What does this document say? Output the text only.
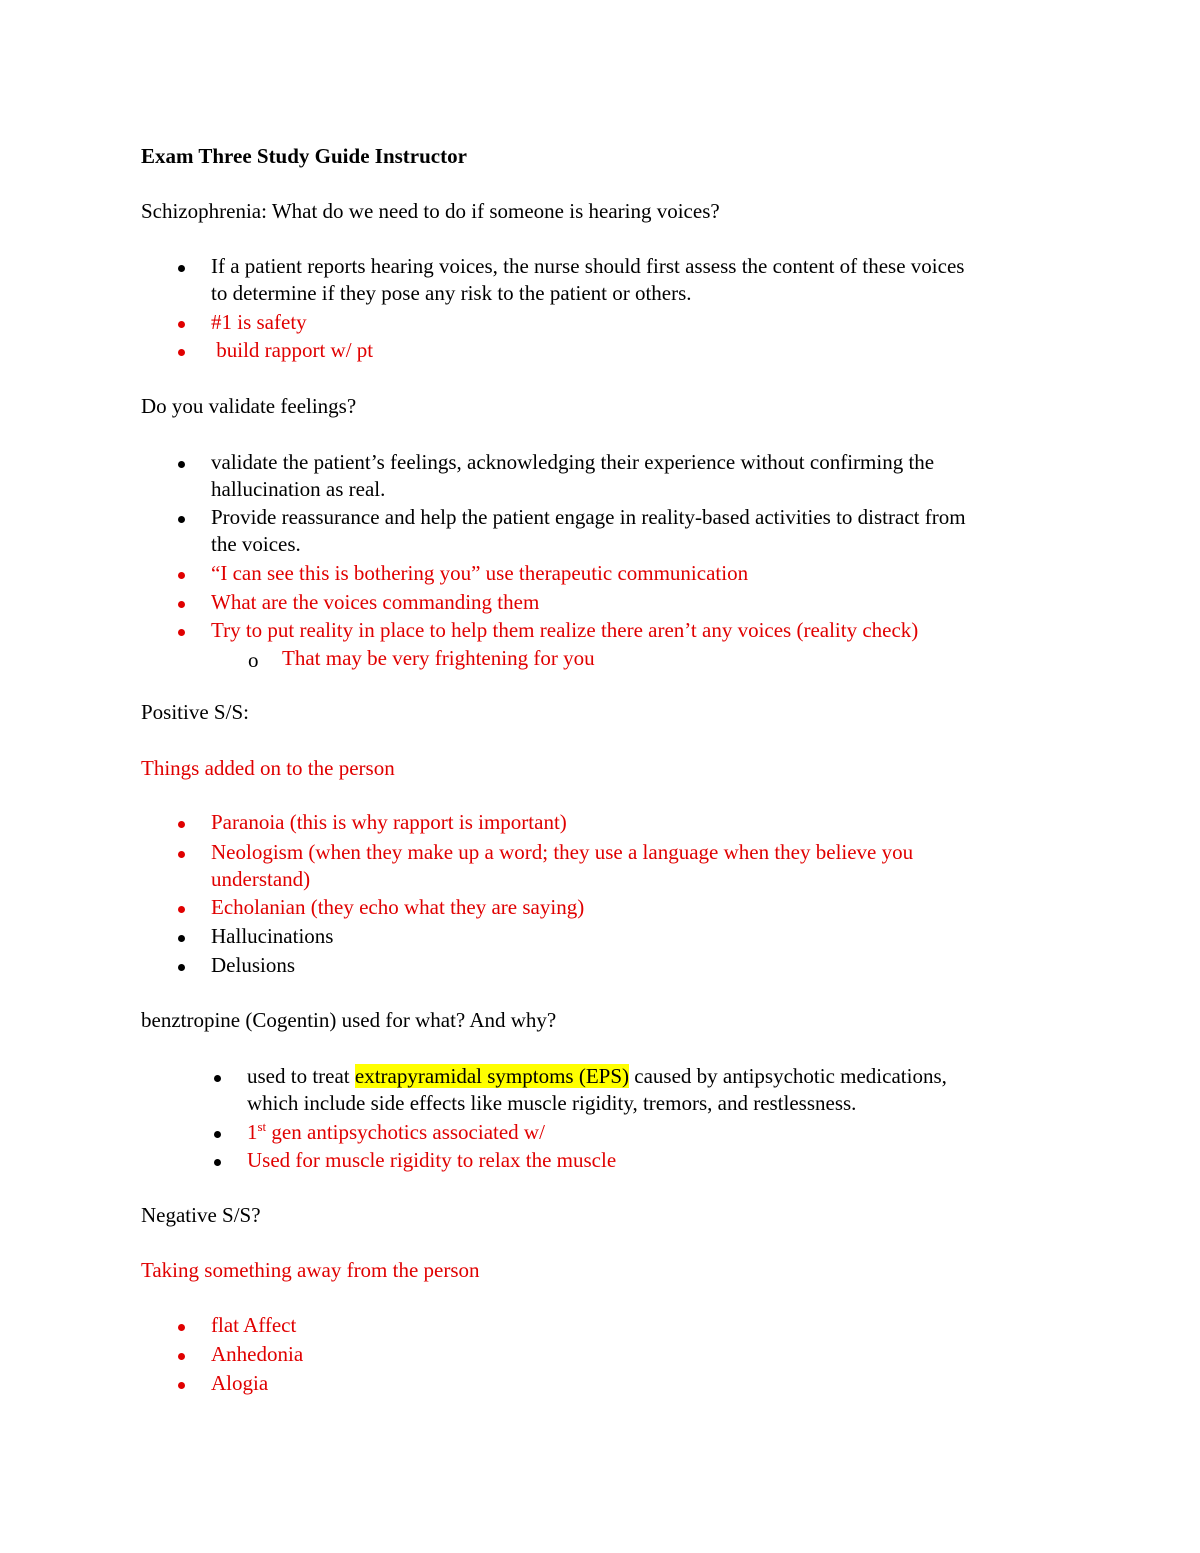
Exam Three Study Guide Instructor
Schizophrenia: What do we need to do if someone is hearing voices?
If a patient reports hearing voices, the nurse should first assess the content of these voices
to determine if they pose any risk to the patient or others.
#1 is safety
build rapport w/ pt
Do you validate feelings?
validate the patient’s feelings, acknowledging their experience without confirming the
hallucination as real.
Provide reassurance and help the patient engage in reality-based activities to distract from
the voices.
“I can see this is bothering you” use therapeutic communication
What are the voices commanding them
Try to put reality in place to help them realize there aren’t any voices (reality check)
o That may be very frightening for you
Positive S/S:
Things added on to the person
Paranoia (this is why rapport is important)
Neologism (when they make up a word; they use a language when they believe you
understand)
Echolanian (they echo what they are saying)
Hallucinations
Delusions
benztropine (Cogentin) used for what? And why?
used to treat extrapyramidal symptoms (EPS) caused by antipsychotic medications,
which include side effects like muscle rigidity, tremors, and restlessness.
1st gen antipsychotics associated w/
Used for muscle rigidity to relax the muscle
Negative S/S?
Taking something away from the person
flat Affect
Anhedonia
Alogia
